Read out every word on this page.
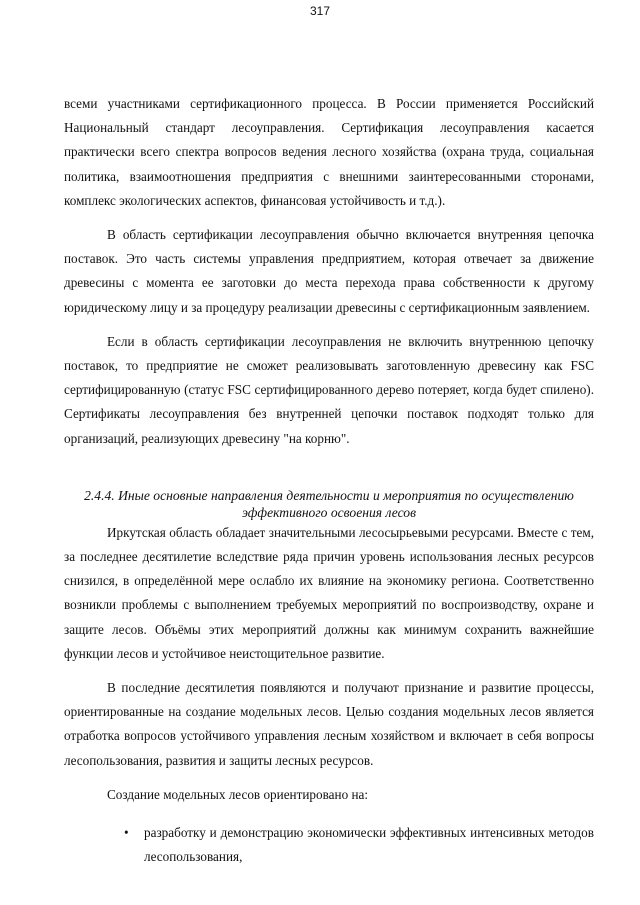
317

всеми участниками сертификационного процесса. В России применяется Российский Национальный стандарт лесоуправления. Сертификация лесоуправления касается практически всего спектра вопросов ведения лесного хозяйства (охрана труда, социальная политика, взаимоотношения предприятия с внешними заинтересованными сторонами, комплекс экологических аспектов, финансовая устойчивость и т.д.).

В область сертификации лесоуправления обычно включается внутренняя цепочка поставок. Это часть системы управления предприятием, которая отвечает за движение древесины с момента ее заготовки до места перехода права собственности к другому юридическому лицу и за процедуру реализации древесины с сертификационным заявлением.

Если в область сертификации лесоуправления не включить внутреннюю цепочку поставок, то предприятие не сможет реализовывать заготовленную древесину как FSC сертифицированную (статус FSC сертифицированного дерево потеряет, когда будет спилено). Сертификаты лесоуправления без внутренней цепочки поставок подходят только для организаций, реализующих древесину "на корню".

2.4.4. Иные основные направления деятельности и мероприятия по осуществлению
эффективного освоения лесов

Иркутская область обладает значительными лесосырьевыми ресурсами. Вместе с тем, за последнее десятилетие вследствие ряда причин уровень использования лесных ресурсов снизился, в определённой мере ослабло их влияние на экономику региона. Соответственно возникли проблемы с выполнением требуемых мероприятий по воспроизводству, охране и защите лесов. Объёмы этих мероприятий должны как минимум сохранить важнейшие функции лесов и устойчивое неистощительное развитие.

В последние десятилетия появляются и получают признание и развитие процессы, ориентированные на создание модельных лесов. Целью создания модельных лесов является отработка вопросов устойчивого управления лесным хозяйством и включает в себя вопросы лесопользования, развития и защиты лесных ресурсов.

Создание модельных лесов ориентировано на:

• разработку и демонстрацию экономически эффективных интенсивных методов лесопользования,
